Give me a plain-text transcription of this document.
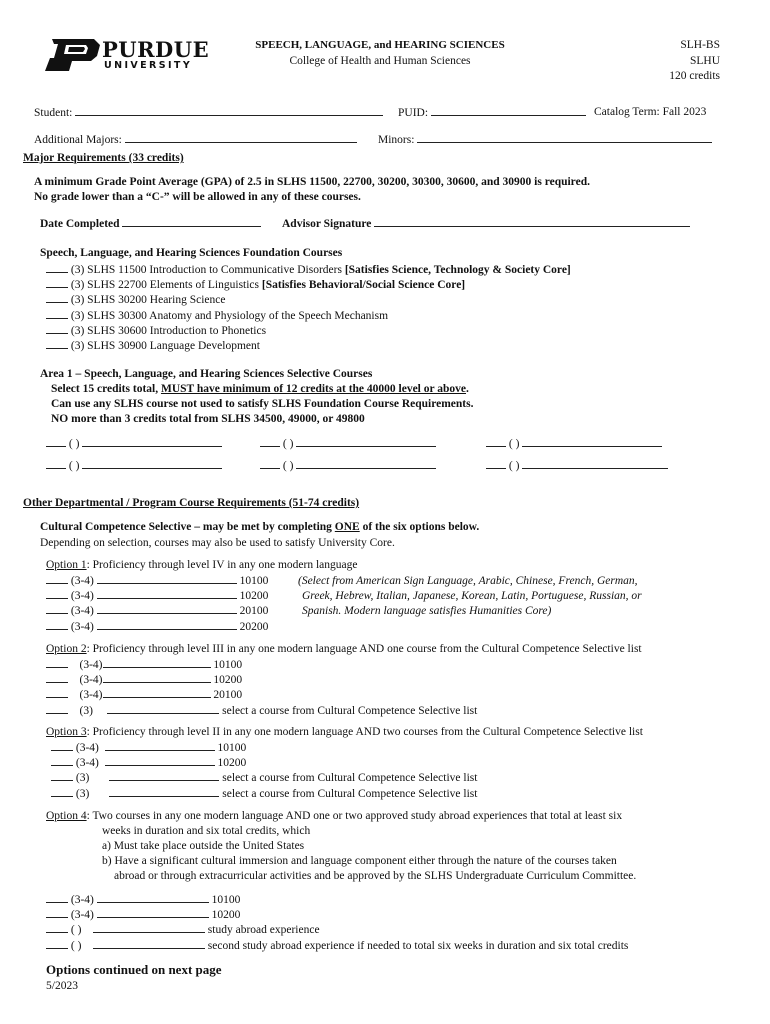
PURDUE
UNIVERSITY
SPEECH, LANGUAGE, and HEARING SCIENCES
College of Health and Human Sciences
SLH-BS
SLHU
120 credits
Student:	PUID:	Catalog Term: Fall 2023
Additional Majors:	Minors:
Major Requirements (33 credits)
A minimum Grade Point Average (GPA) of 2.5 in SLHS 11500, 22700, 30200, 30300, 30600, and 30900 is required.
No grade lower than a “C-” will be allowed in any of these courses.
Date Completed	Advisor Signature
Speech, Language, and Hearing Sciences Foundation Courses
(3) SLHS 11500 Introduction to Communicative Disorders [Satisfies Science, Technology & Society Core]
(3) SLHS 22700 Elements of Linguistics [Satisfies Behavioral/Social Science Core]
(3) SLHS 30200 Hearing Science
(3) SLHS 30300 Anatomy and Physiology of the Speech Mechanism
(3) SLHS 30600 Introduction to Phonetics
(3) SLHS 30900 Language Development
Area 1 – Speech, Language, and Hearing Sciences Selective Courses
Select 15 credits total, MUST have minimum of 12 credits at the 40000 level or above.
Can use any SLHS course not used to satisfy SLHS Foundation Course Requirements.
NO more than 3 credits total from SLHS 34500, 49000, or 49800
( )	( )	( )
( )	( )	( )
Other Departmental / Program Course Requirements (51-74 credits)
Cultural Competence Selective – may be met by completing ONE of the six options below.
Depending on selection, courses may also be used to satisfy University Core.
Option 1: Proficiency through level IV in any one modern language
(3-4)	10100
(3-4)	10200
(3-4)	20100
(3-4)	20200
(Select from American Sign Language, Arabic, Chinese, French, German,
Greek, Hebrew, Italian, Japanese, Korean, Latin, Portuguese, Russian, or
Spanish. Modern language satisfies Humanities Core)
Option 2: Proficiency through level III in any one modern language AND one course from the Cultural Competence Selective list
(3-4)	10100
(3-4)	10200
(3-4)	20100
(3)	select a course from Cultural Competence Selective list
Option 3: Proficiency through level II in any one modern language AND two courses from the Cultural Competence Selective list
(3-4)	10100
(3-4)	10200
(3)	select a course from Cultural Competence Selective list
(3)	select a course from Cultural Competence Selective list
Option 4: Two courses in any one modern language AND one or two approved study abroad experiences that total at least six
weeks in duration and six total credits, which
a) Must take place outside the United States
b) Have a significant cultural immersion and language component either through the nature of the courses taken
abroad or through extracurricular activities and be approved by the SLHS Undergraduate Curriculum Committee.
(3-4)	10100
(3-4)	10200
( )	study abroad experience
( )	second study abroad experience if needed to total six weeks in duration and six total credits
Options continued on next page
5/2023
